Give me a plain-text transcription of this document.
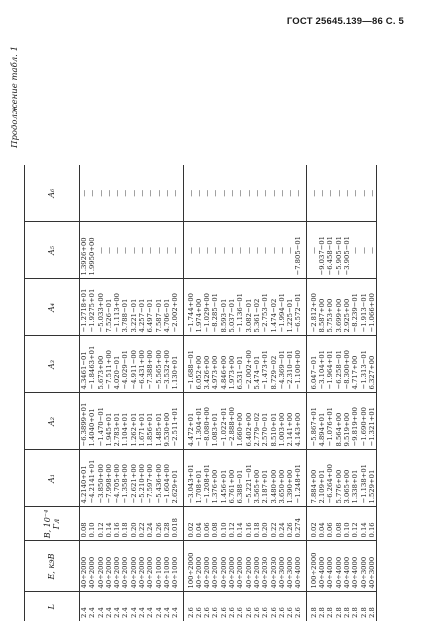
ГОСТ 25645.139—86 С. 5
Продолжение табл. 1
L	E, кэВ	B, 10⁻⁴ Гл	A₁	A₂	A₃	A₄	A₅	A₆
2.4	40÷2000	0.08	4.2140+01	−6.3899+01	4.3461−01	−1.2718+01	1.3926+00	—
2.4	40÷2000	0.10	−4.2141+01	1.4040+01	−1.8463+01	−1.9275+01	1.9950+00	—
2.4	40÷2000	0.12	−3.850+00	−1.470−01	5.673+00	−5.033+00	—	—
2.4	40÷2000	0.14	−7.998+00	1.945+01	−7.511+00	7.526−01	—	—
2.4	40÷2000	0.16	−4.705+00	2.783+01	4.020−01	−1.113+00	—	—
2.4	40÷2000	0.18	−1.358+00	1.104+01	−4.029−01	3.788−01	—	—
2.4	40÷2000	0.20	−2.621+00	1.262+01	−4.911−00	3.221−01	—	—
2.4	40÷2000	0.22	−5.210+00	1.671+01	−6.431+00	4.257−01	—	—
2.4	40÷2000	0.24	−7.597+00	1.856+01	−7.388+00	6.497−01	—	—
2.4	40÷1000	0.26	−5.436+00	1.485+01	−5.565+00	7.587−01	—	—
2.4	40÷1000	0.28	−1.604+00	9.530+00	−3.532+00	4.706−01	—	—
2.4	40÷1000	0.018	2.629+01	−2.511+01	1.130+01	−2.002+00	—	—
2.6	100÷2000	0.02	−3.043+01	4.472+01	−1.688−01	−1.744+00	—	—
2.6	40÷2000	0.04	1.708+01	−1.304+01	6.052+00	1.974+00	—	—
2.6	40÷2000	0.06	−1.208+01	−8.080+00	3.426+00	−1.029+00	—	—
2.6	40÷2000	0.08	1.376+00	1.083+01	4.973+00	−8.285−01	—	—
2.6	40÷2000	0.10	1.456+01	−1.022+01	4.846+00	8.593−01	—	—
2.6	40÷2000	0.12	6.761+00	−2.888+00	1.973+00	5.037−01	—	—
2.6	40÷2000	0.14	6.388−01	1.660+00	6.531−01	−1.136−01	—	—
2.6	40÷2000	0.16	−5.221−01	6.402+00	−2.002+00	3.082−01	—	—
2.6	40÷2000	0.18	3.565+00	2.779−02	5.474−01	5.361−02	—	—
2.6	40÷2030	0.20	2.187+01	2.570−01	−1.473+01	−2.753−01	—	—
2.6	40÷2030	0.22	3.480+00	8.510+01	8.729−02	1.474−02	—	—
2.6	40÷3000	0.24	3.650+00	1.003+00	−4.369−01	−1.994−01	—	—
2.6	40÷3000	0.26	1.390+00	2.141+00	−2.310−01	1.225−01	—	—
2.6	40÷4000	0.274	−1.248+01	4.143+00	−1.100+00	−6.572−01	−7.805−01	—
2.8	100÷2000	0.02	7.884+00	−5.867+01	6.047−01	−2.812+00	—	—
2.8	40÷4000	0.04	2.109+01	4.894+01	−3.104+01	8.587+00	−9.037−01	—
2.8	40÷4000	0.06	−6.264+00	−1.076+01	−1.964+01	5.753+00	−6.458−01	—
2.8	40÷4000	0.08	5.776+00	8.564+00	−6.258−01	3.699+00	−5.905−01	—
2.8	40÷4000	0.10	3.065+00	9.519+00	−8.300+00	2.925+00	−3.905−01	—
2.8	40÷4000	0.12	1.338+01	−9.819+00	4.717+00	−8.239−01	—	—
2.8	40÷3000	0.14	−1.138+01	−1.690+00	−1.313−01	−1.913−01	—	—
2.8	40÷3000	0.16	1.529+01	−1.321+01	6.327+00	−1.066+00	—	—
